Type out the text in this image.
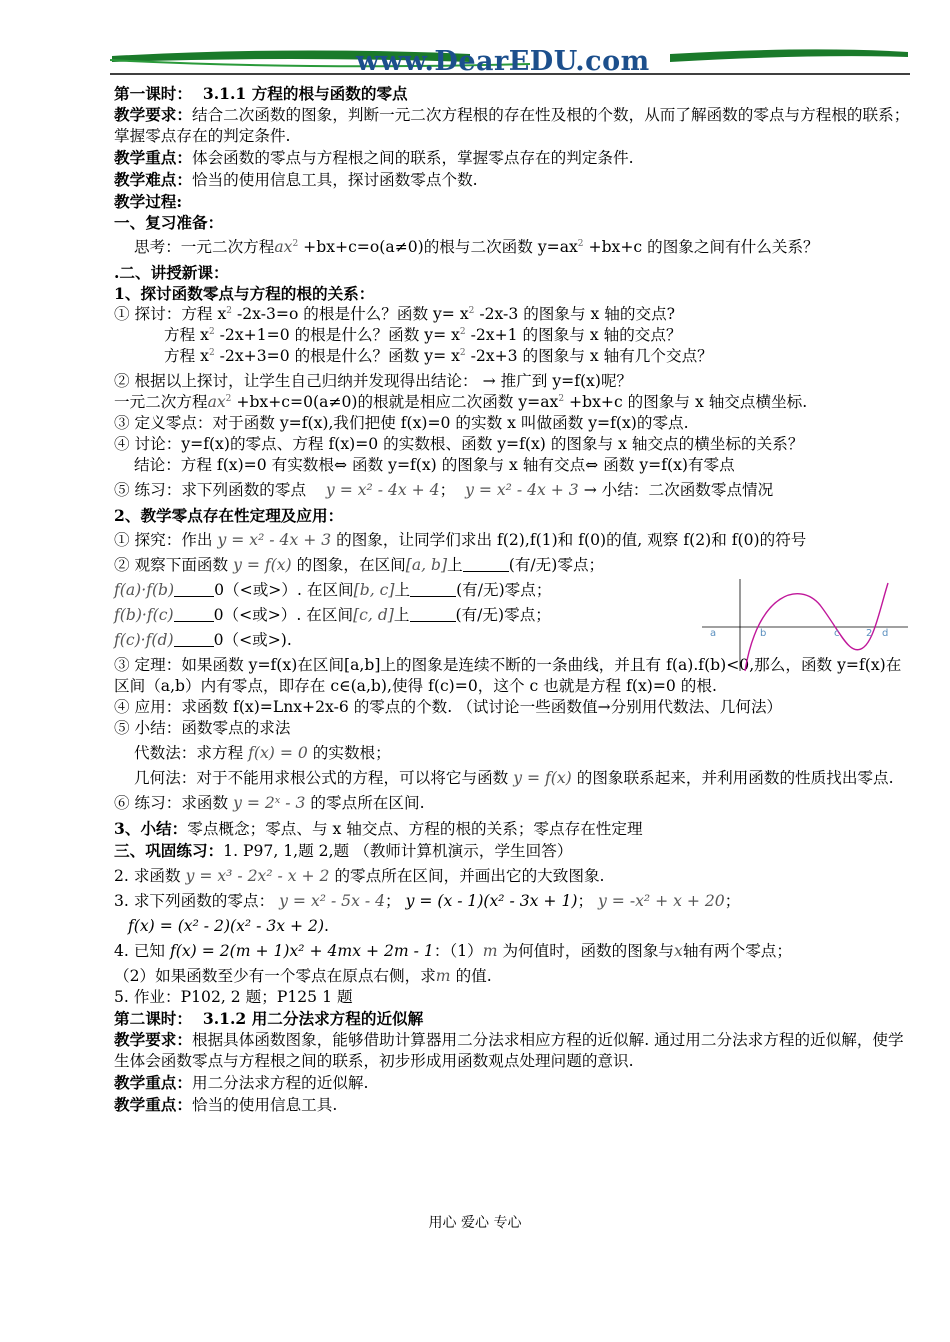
www.DearEDU.com
第一课时： 3.1.1 方程的根与函数的零点
教学要求：结合二次函数的图象，判断一元二次方程根的存在性及根的个数，从而了解函数的零点与方程根的联系；掌握零点存在的判定条件.
教学重点：体会函数的零点与方程根之间的联系，掌握零点存在的判定条件.
教学难点：恰当的使用信息工具，探讨函数零点个数.
教学过程:
一、复习准备：
思考：一元二次方程$ax^2 +bx+c=o(a\ne 0)$的根与二次函数 $y=ax^2 +bx+c$ 的图象之间有什么关系？
.二、讲授新课：
1、探讨函数零点与方程的根的关系：
① 探讨：方程 $x^2$ -2x-3=o 的根是什么？函数 $y= x^2$ -2x-3 的图象与 x 轴的交点?
方程 $x^2$ -2x+1=0 的根是什么？函数 $y= x^2$ -2x+1 的图象与 x 轴的交点？
方程 $x^2$ -2x+3=0 的根是什么？函数 $y= x^2$ -2x+3 的图象与 x 轴有几个交点？
② 根据以上探讨，让学生自己归纳并发现得出结论： → 推广到 y=f(x)呢？
一元二次方程$ax^2 +bx+c=0(a\ne 0)$的根就是相应二次函数 $y=ax^2 +bx+c$ 的图象与 x 轴交点横坐标.
③ 定义零点：对于函数 y=f(x),我们把使 f(x)=0 的实数 x 叫做函数 y=f(x)的零点.
④ 讨论：y=f(x)的零点、方程 f(x)=0 的实数根、函数 y=f(x) 的图象与 x 轴交点的横坐标的关系？
结论：方程 f(x)=0 有实数根⇔ 函数 y=f(x) 的图象与 x 轴有交点⇔ 函数 y=f(x)有零点
⑤ 练习：求下列函数的零点 y = x² - 4x + 4； y = x² - 4x + 3 → 小结：二次函数零点情况
2、教学零点存在性定理及应用：
① 探究：作出 y = x² - 4x + 3 的图象，让同学们求出 f(2),f(1)和 f(0)的值, 观察 f(2)和 f(0)的符号
② 观察下面函数 y = f(x) 的图象，在区间[a, b]上	(有/无)零点；
f(a)·f(b)	0（<或>）. 在区间[b, c]上	(有/无)零点；
f(b)·f(c)	0（<或>）. 在区间[c, d]上	(有/无)零点；
f(c)·f(d)	0（<或>).
③ 定理：如果函数 y=f(x)在区间[a,b]上的图象是连续不断的一条曲线，并且有 f(a).f(b)<0,那么，函数 y=f(x)在区间（a,b）内有零点，即存在 c∈(a,b),使得 f(c)=0，这个 c 也就是方程 f(x)=0 的根.
④ 应用：求函数 f(x)=Lnx+2x-6 的零点的个数. （试讨论一些函数值→分别用代数法、几何法）
⑤ 小结：函数零点的求法
代数法：求方程 f(x) = 0 的实数根；
几何法：对于不能用求根公式的方程，可以将它与函数 y = f(x) 的图象联系起来，并利用函数的性质找出零点.
⑥ 练习：求函数 y = 2ˣ - 3 的零点所在区间.
3、小结：零点概念；零点、与 x 轴交点、方程的根的关系；零点存在性定理
三、巩固练习：1. P97, 1,题 2,题 （教师计算机演示，学生回答）
2. 求函数 y = x³ - 2x² - x + 2 的零点所在区间，并画出它的大致图象.
3. 求下列函数的零点： y = x² - 5x - 4； y = (x - 1)(x² - 3x + 1)； y = -x² + x + 20；
f(x) = (x² - 2)(x² - 3x + 2).
4. 已知 f(x) = 2(m + 1)x² + 4mx + 2m - 1：（1）m 为何值时，函数的图象与x轴有两个零点；
（2）如果函数至少有一个零点在原点右侧，求m 的值.
5. 作业：P102, 2 题；P125 1 题
第二课时： 3.1.2 用二分法求方程的近似解
教学要求：根据具体函数图象，能够借助计算器用二分法求相应方程的近似解. 通过用二分法求方程的近似解，使学生体会函数零点与方程根之间的联系，初步形成用函数观点处理问题的意识.
教学重点：用二分法求方程的近似解.
教学重点：恰当的使用信息工具.
a	b	c	2 d
用心 爱心 专心
